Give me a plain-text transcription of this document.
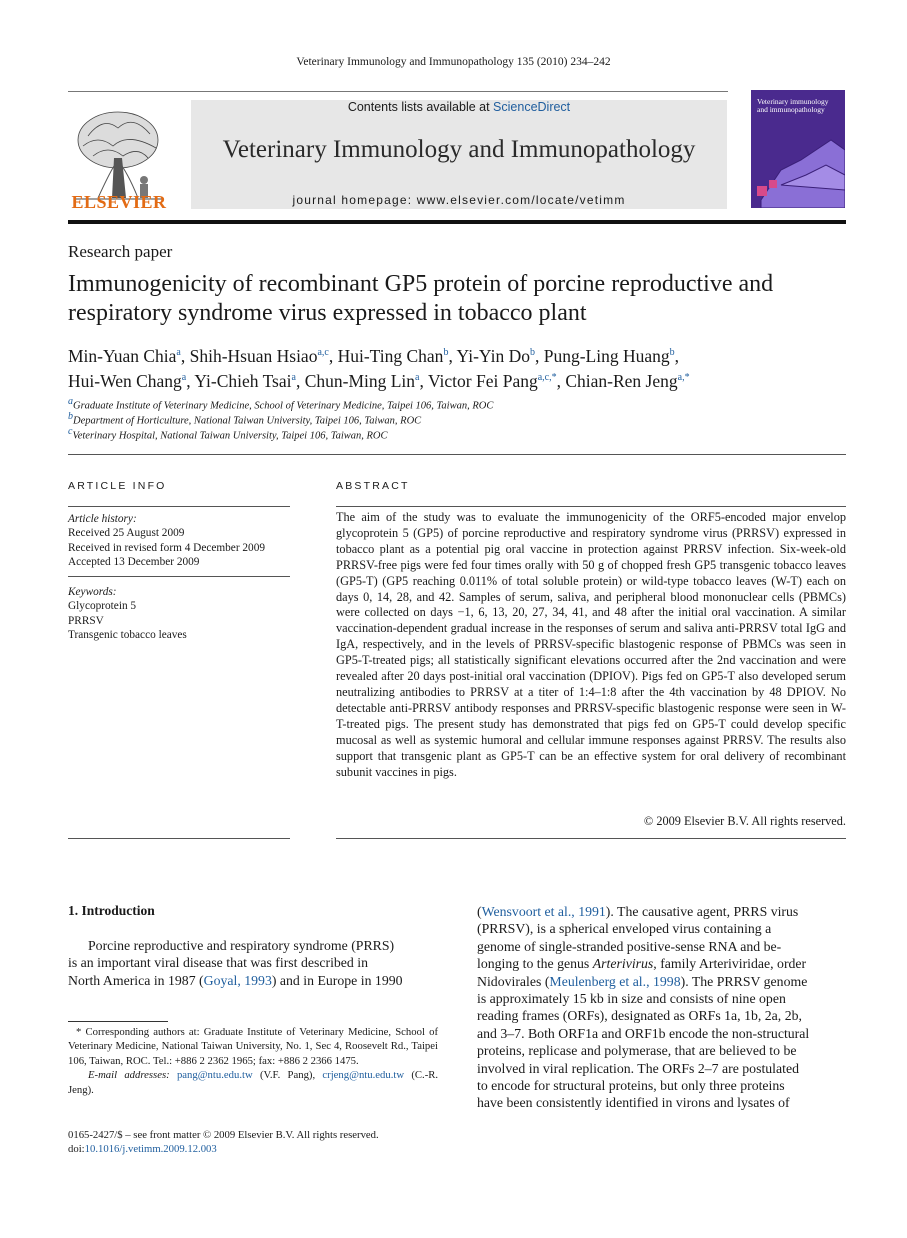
Veterinary Immunology and Immunopathology 135 (2010) 234–242
ELSEVIER
Contents lists available at ScienceDirect
Veterinary Immunology and Immunopathology
journal homepage: www.elsevier.com/locate/vetimm
Veterinary immunology and immunopathology
Research paper
Immunogenicity of recombinant GP5 protein of porcine reproductive and respiratory syndrome virus expressed in tobacco plant
Min-Yuan Chia$^a$, Shih-Hsuan Hsiao$^{a,c}$, Hui-Ting Chan$^b$, Yi-Yin Do$^b$, Pung-Ling Huang$^b$,
Hui-Wen Chang$^a$, Yi-Chieh Tsai$^a$, Chun-Ming Lin$^a$, Victor Fei Pang$^{a,c,*}$, Chian-Ren Jeng$^{a,*}$
$^a$Graduate Institute of Veterinary Medicine, School of Veterinary Medicine, Taipei 106, Taiwan, ROC
$^b$Department of Horticulture, National Taiwan University, Taipei 106, Taiwan, ROC
$^c$Veterinary Hospital, National Taiwan University, Taipei 106, Taiwan, ROC
ARTICLE INFO
Article history:
Received 25 August 2009
Received in revised form 4 December 2009
Accepted 13 December 2009
Keywords:
Glycoprotein 5
PRRSV
Transgenic tobacco leaves
ABSTRACT
The aim of the study was to evaluate the immunogenicity of the ORF5-encoded major envelop glycoprotein 5 (GP5) of porcine reproductive and respiratory syndrome virus (PRRSV) expressed in tobacco plant as a potential pig oral vaccine in protection against PRRSV infection. Six-week-old PRRSV-free pigs were fed four times orally with 50 g of chopped fresh GP5 transgenic tobacco leaves (GP5-T) (GP5 reaching 0.011% of total soluble protein) or wild-type tobacco leaves (W-T) each on days 0, 14, 28, and 42. Samples of serum, saliva, and peripheral blood mononuclear cells (PBMCs) were collected on days −1, 6, 13, 20, 27, 34, 41, and 48 after the initial oral vaccination. A similar vaccination-dependent gradual increase in the responses of serum and saliva anti-PRRSV total IgG and IgA, respectively, and in the levels of PRRSV-specific blastogenic response of PBMCs was seen in GP5-T-treated pigs; all statistically significant elevations occurred after the 2nd vaccination and were revealed after 20 days post-initial oral vaccination (DPIOV). Pigs fed on GP5-T also developed serum neutralizing antibodies to PRRSV at a titer of 1:4–1:8 after the 4th vaccination by 48 DPIOV. No detectable anti-PRRSV antibody responses and PRRSV-specific blastogenic response were seen in W-T-treated pigs. The present study has demonstrated that pigs fed on GP5-T could develop specific mucosal as well as systemic humoral and cellular immune responses against PRRSV. The results also support that transgenic plant as GP5-T can be an effective system for oral delivery of recombinant subunit vaccines in pigs.
© 2009 Elsevier B.V. All rights reserved.
1. Introduction
Porcine reproductive and respiratory syndrome (PRRS)
is an important viral disease that was first described in
North America in 1987 (Goyal, 1993) and in Europe in 1990
* Corresponding authors at: Graduate Institute of Veterinary Medicine, School of Veterinary Medicine, National Taiwan University, No. 1, Sec 4, Roosevelt Rd., Taipei 106, Taiwan, ROC. Tel.: +886 2 2362 1965; fax: +886 2 2366 1475.
E-mail addresses: pang@ntu.edu.tw (V.F. Pang), crjeng@ntu.edu.tw (C.-R. Jeng).
0165-2427/$ – see front matter © 2009 Elsevier B.V. All rights reserved.
doi:10.1016/j.vetimm.2009.12.003
(Wensvoort et al., 1991). The causative agent, PRRS virus
(PRRSV), is a spherical enveloped virus containing a
genome of single-stranded positive-sense RNA and be-
longing to the genus Arterivirus, family Arteriviridae, order
Nidovirales (Meulenberg et al., 1998). The PRRSV genome
is approximately 15 kb in size and consists of nine open
reading frames (ORFs), designated as ORFs 1a, 1b, 2a, 2b,
and 3–7. Both ORF1a and ORF1b encode the non-structural
proteins, replicase and polymerase, that are believed to be
involved in viral replication. The ORFs 2–7 are postulated
to encode for structural proteins, but only three proteins
have been consistently identified in virons and lysates of
